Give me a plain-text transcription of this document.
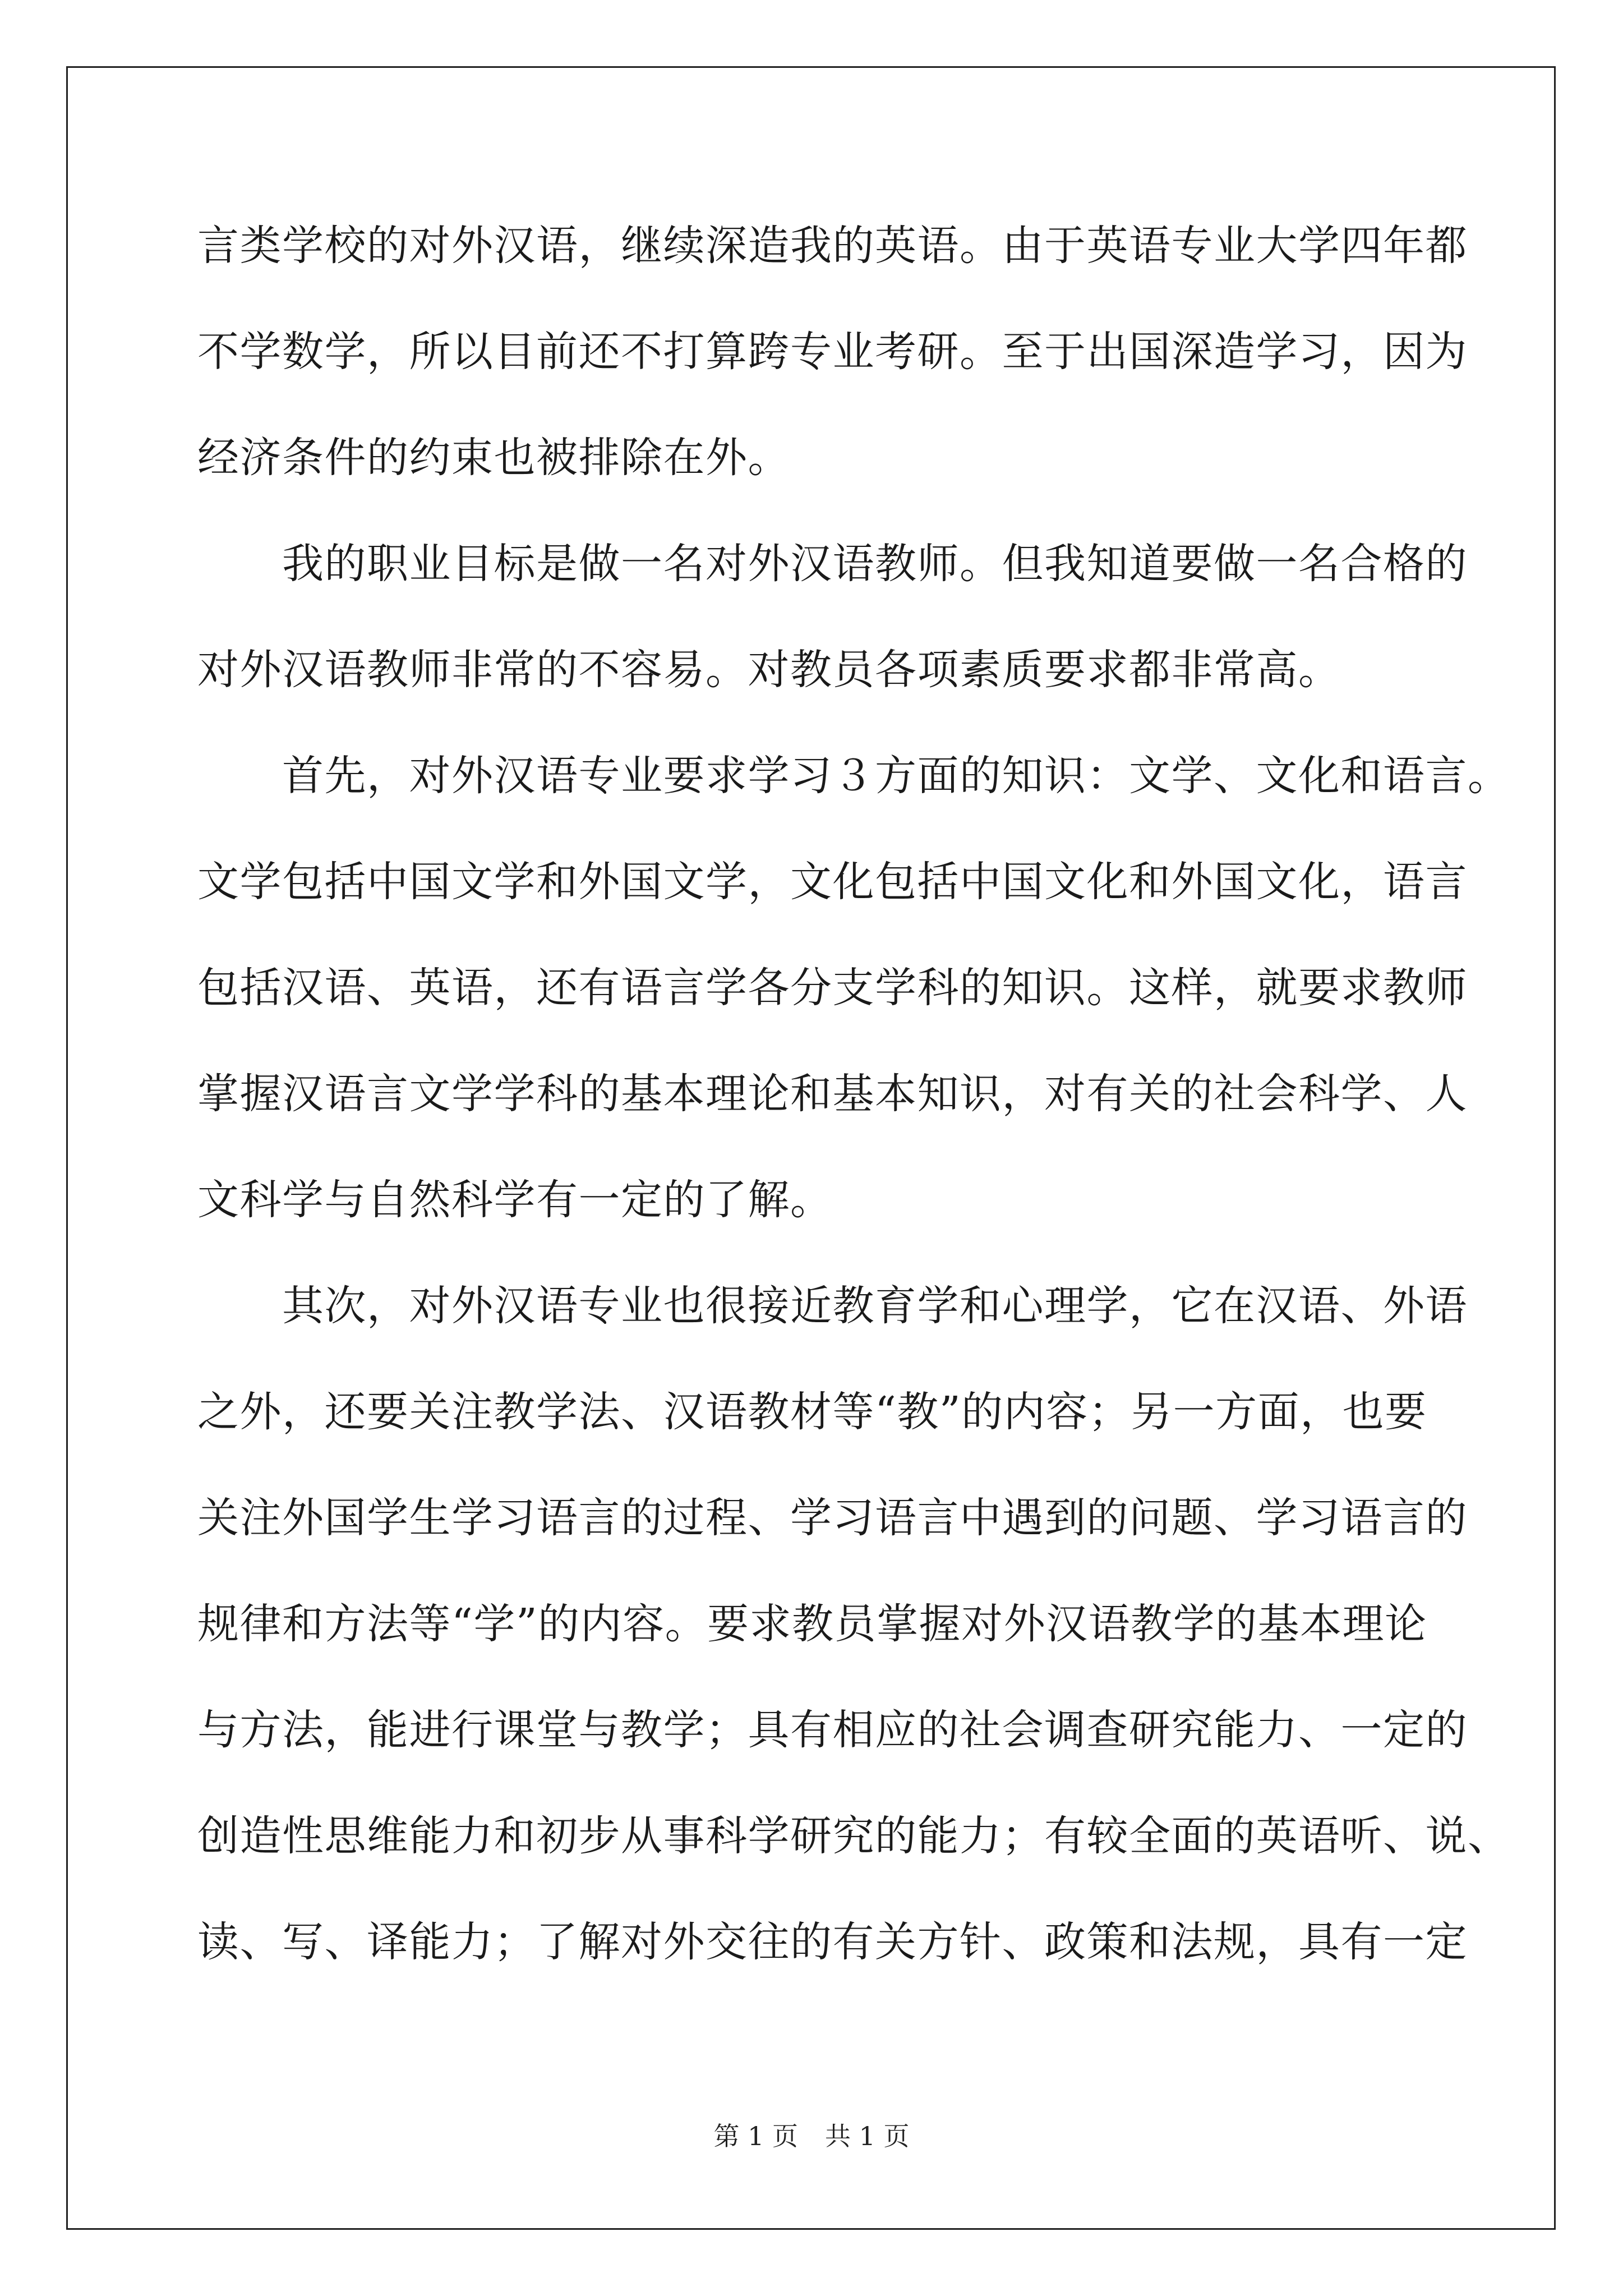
言类学校的对外汉语，继续深造我的英语。由于英语专业大学四年都
不学数学，所以目前还不打算跨专业考研。至于出国深造学习，因为
经济条件的约束也被排除在外。
　　我的职业目标是做一名对外汉语教师。但我知道要做一名合格的
对外汉语教师非常的不容易。对教员各项素质要求都非常高。
　　首先，对外汉语专业要求学习３方面的知识：文学、文化和语言。
文学包括中国文学和外国文学，文化包括中国文化和外国文化，语言
包括汉语、英语，还有语言学各分支学科的知识。这样，就要求教师
掌握汉语言文学学科的基本理论和基本知识，对有关的社会科学、人
文科学与自然科学有一定的了解。
　　其次，对外汉语专业也很接近教育学和心理学，它在汉语、外语
之外，还要关注教学法、汉语教材等“教”的内容；另一方面，也要
关注外国学生学习语言的过程、学习语言中遇到的问题、学习语言的
规律和方法等“学”的内容。要求教员掌握对外汉语教学的基本理论
与方法，能进行课堂与教学；具有相应的社会调查研究能力、一定的
创造性思维能力和初步从事科学研究的能力；有较全面的英语听、说、
读、写、译能力；了解对外交往的有关方针、政策和法规，具有一定
第 1 页 共 1 页
